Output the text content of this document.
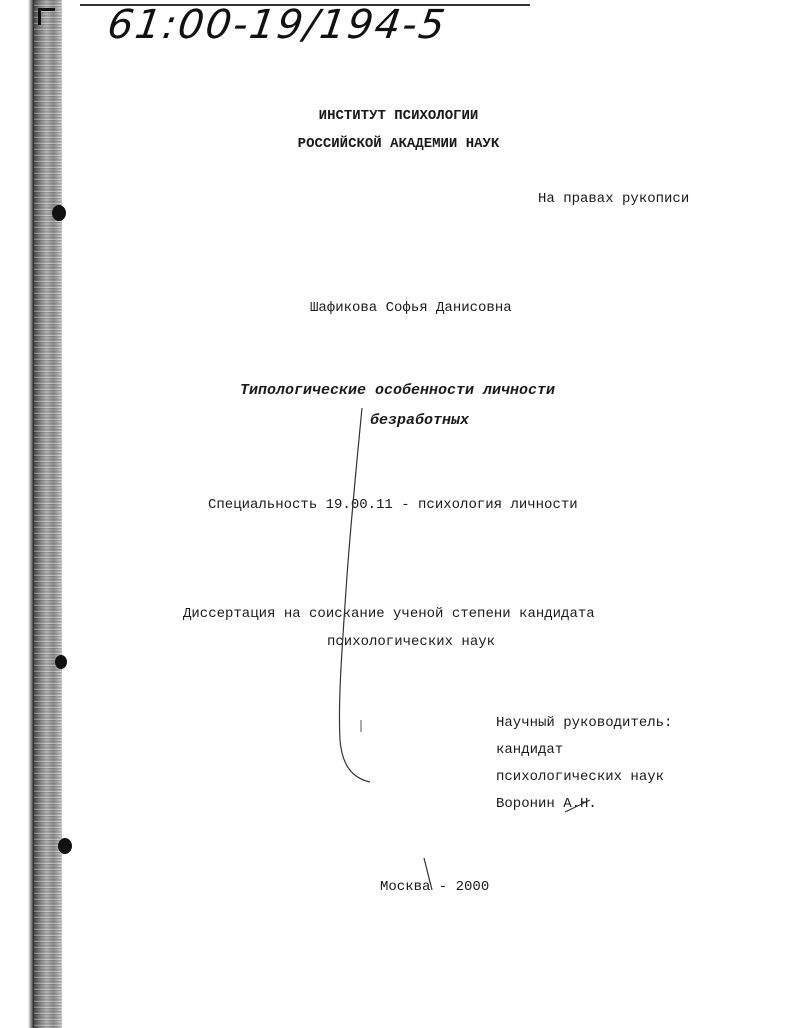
61:00-19/194-5
ИНСТИТУТ ПСИХОЛОГИИ
РОССИЙСКОЙ АКАДЕМИИ НАУК
На правах рукописи
Шафикова Софья Данисовна
Типологические особенности личности
безработных
Специальность 19.00.11 - психология личности
Диссертация на соискание ученой степени кандидата
психологических наук
Научный руководитель:
кандидат
психологических наук
Воронин А.Н.
Москва - 2000
